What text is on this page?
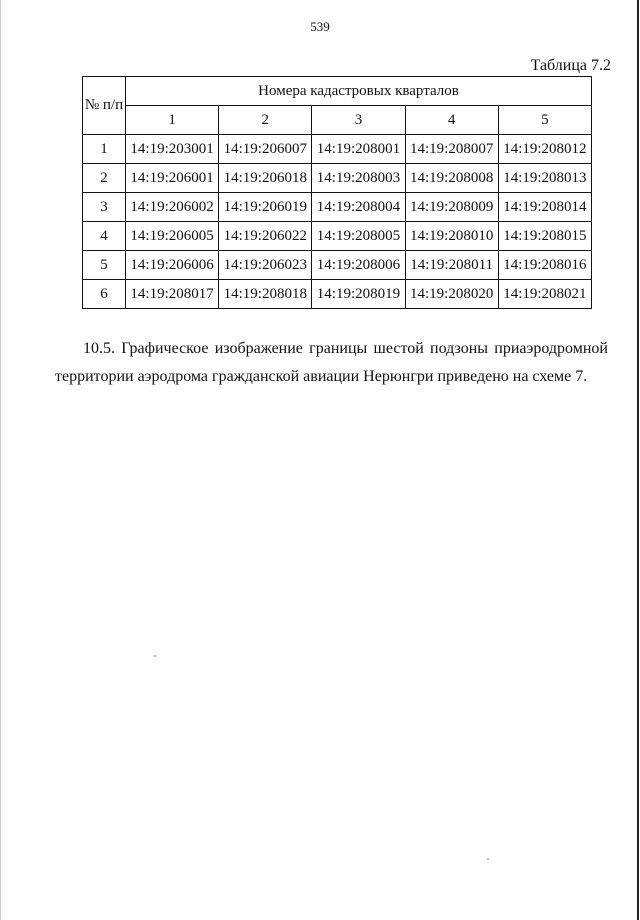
539
Таблица 7.2
№ п/п	Номера кадастровых кварталов				
	1	2	3	4	5
1	14:19:203001	14:19:206007	14:19:208001	14:19:208007	14:19:208012
2	14:19:206001	14:19:206018	14:19:208003	14:19:208008	14:19:208013
3	14:19:206002	14:19:206019	14:19:208004	14:19:208009	14:19:208014
4	14:19:206005	14:19:206022	14:19:208005	14:19:208010	14:19:208015
5	14:19:206006	14:19:206023	14:19:208006	14:19:208011	14:19:208016
6	14:19:208017	14:19:208018	14:19:208019	14:19:208020	14:19:208021
10.5. Графическое изображение границы шестой подзоны приаэродромной территории аэродрома гражданской авиации Нерюнгри приведено на схеме 7.
